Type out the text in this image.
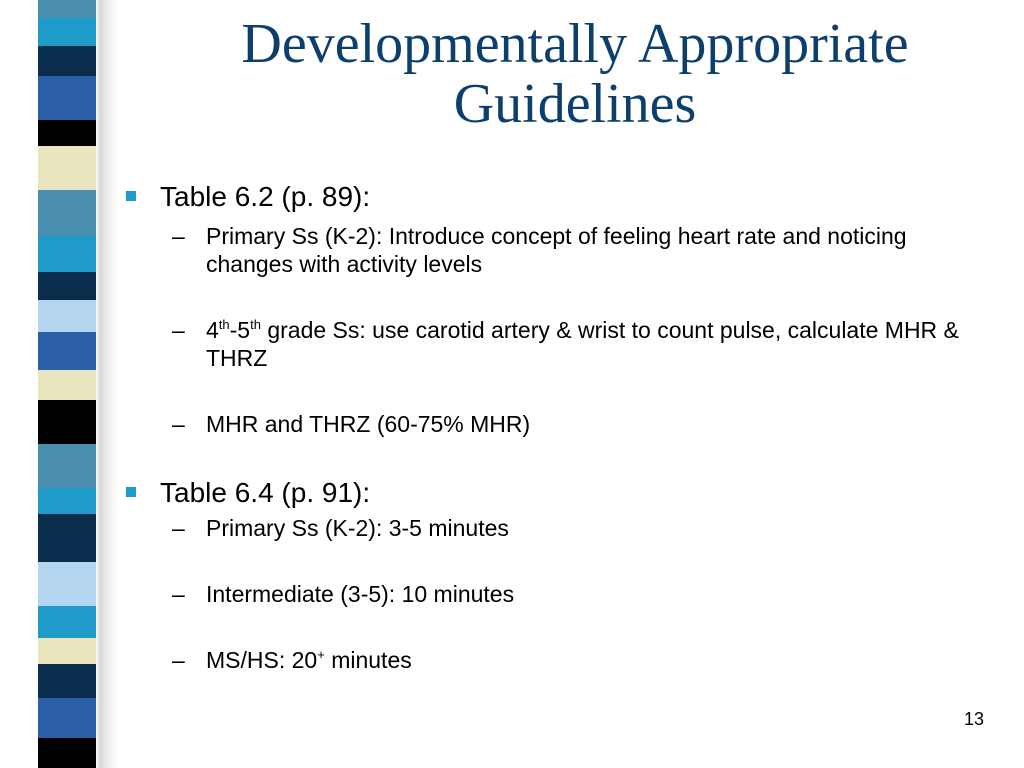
Developmentally Appropriate
Guidelines
Table 6.2 (p. 89):
– Primary Ss (K-2): Introduce concept of feeling heart rate and noticing changes with activity levels
– 4th-5th grade Ss: use carotid artery & wrist to count pulse, calculate MHR & THRZ
– MHR and THRZ (60-75% MHR)
Table 6.4 (p. 91):
– Primary Ss (K-2): 3-5 minutes
– Intermediate (3-5): 10 minutes
– MS/HS: 20+ minutes
13
